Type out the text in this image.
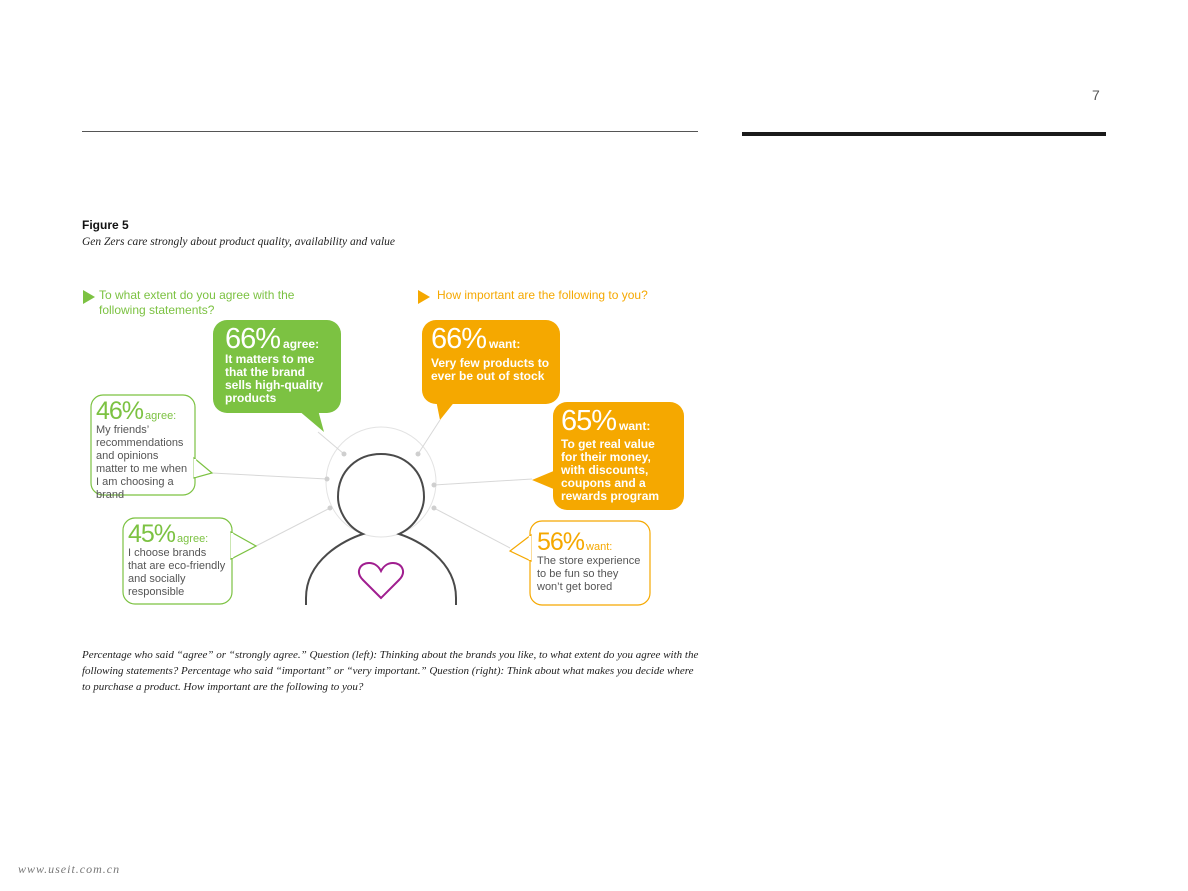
7
Figure 5
Gen Zers care strongly about product quality, availability and value
To what extent do you agree with the following statements?
How important are the following to you?
66% agree:
It matters to me that the brand sells high-quality products
46% agree:
My friends’ recommendations and opinions matter to me when I am choosing a brand
45% agree:
I choose brands that are eco-friendly and socially responsible
66% want:
Very few products to ever be out of stock
65% want:
To get real value for their money, with discounts, coupons and a rewards program
56% want:
The store experience to be fun so they won’t get bored
Percentage who said “agree” or “strongly agree.” Question (left): Thinking about the brands you like, to what extent do you agree with the following statements? Percentage who said “important” or “very important.” Question (right): Think about what makes you decide where to purchase a product. How important are the following to you?
www.useit.com.cn
